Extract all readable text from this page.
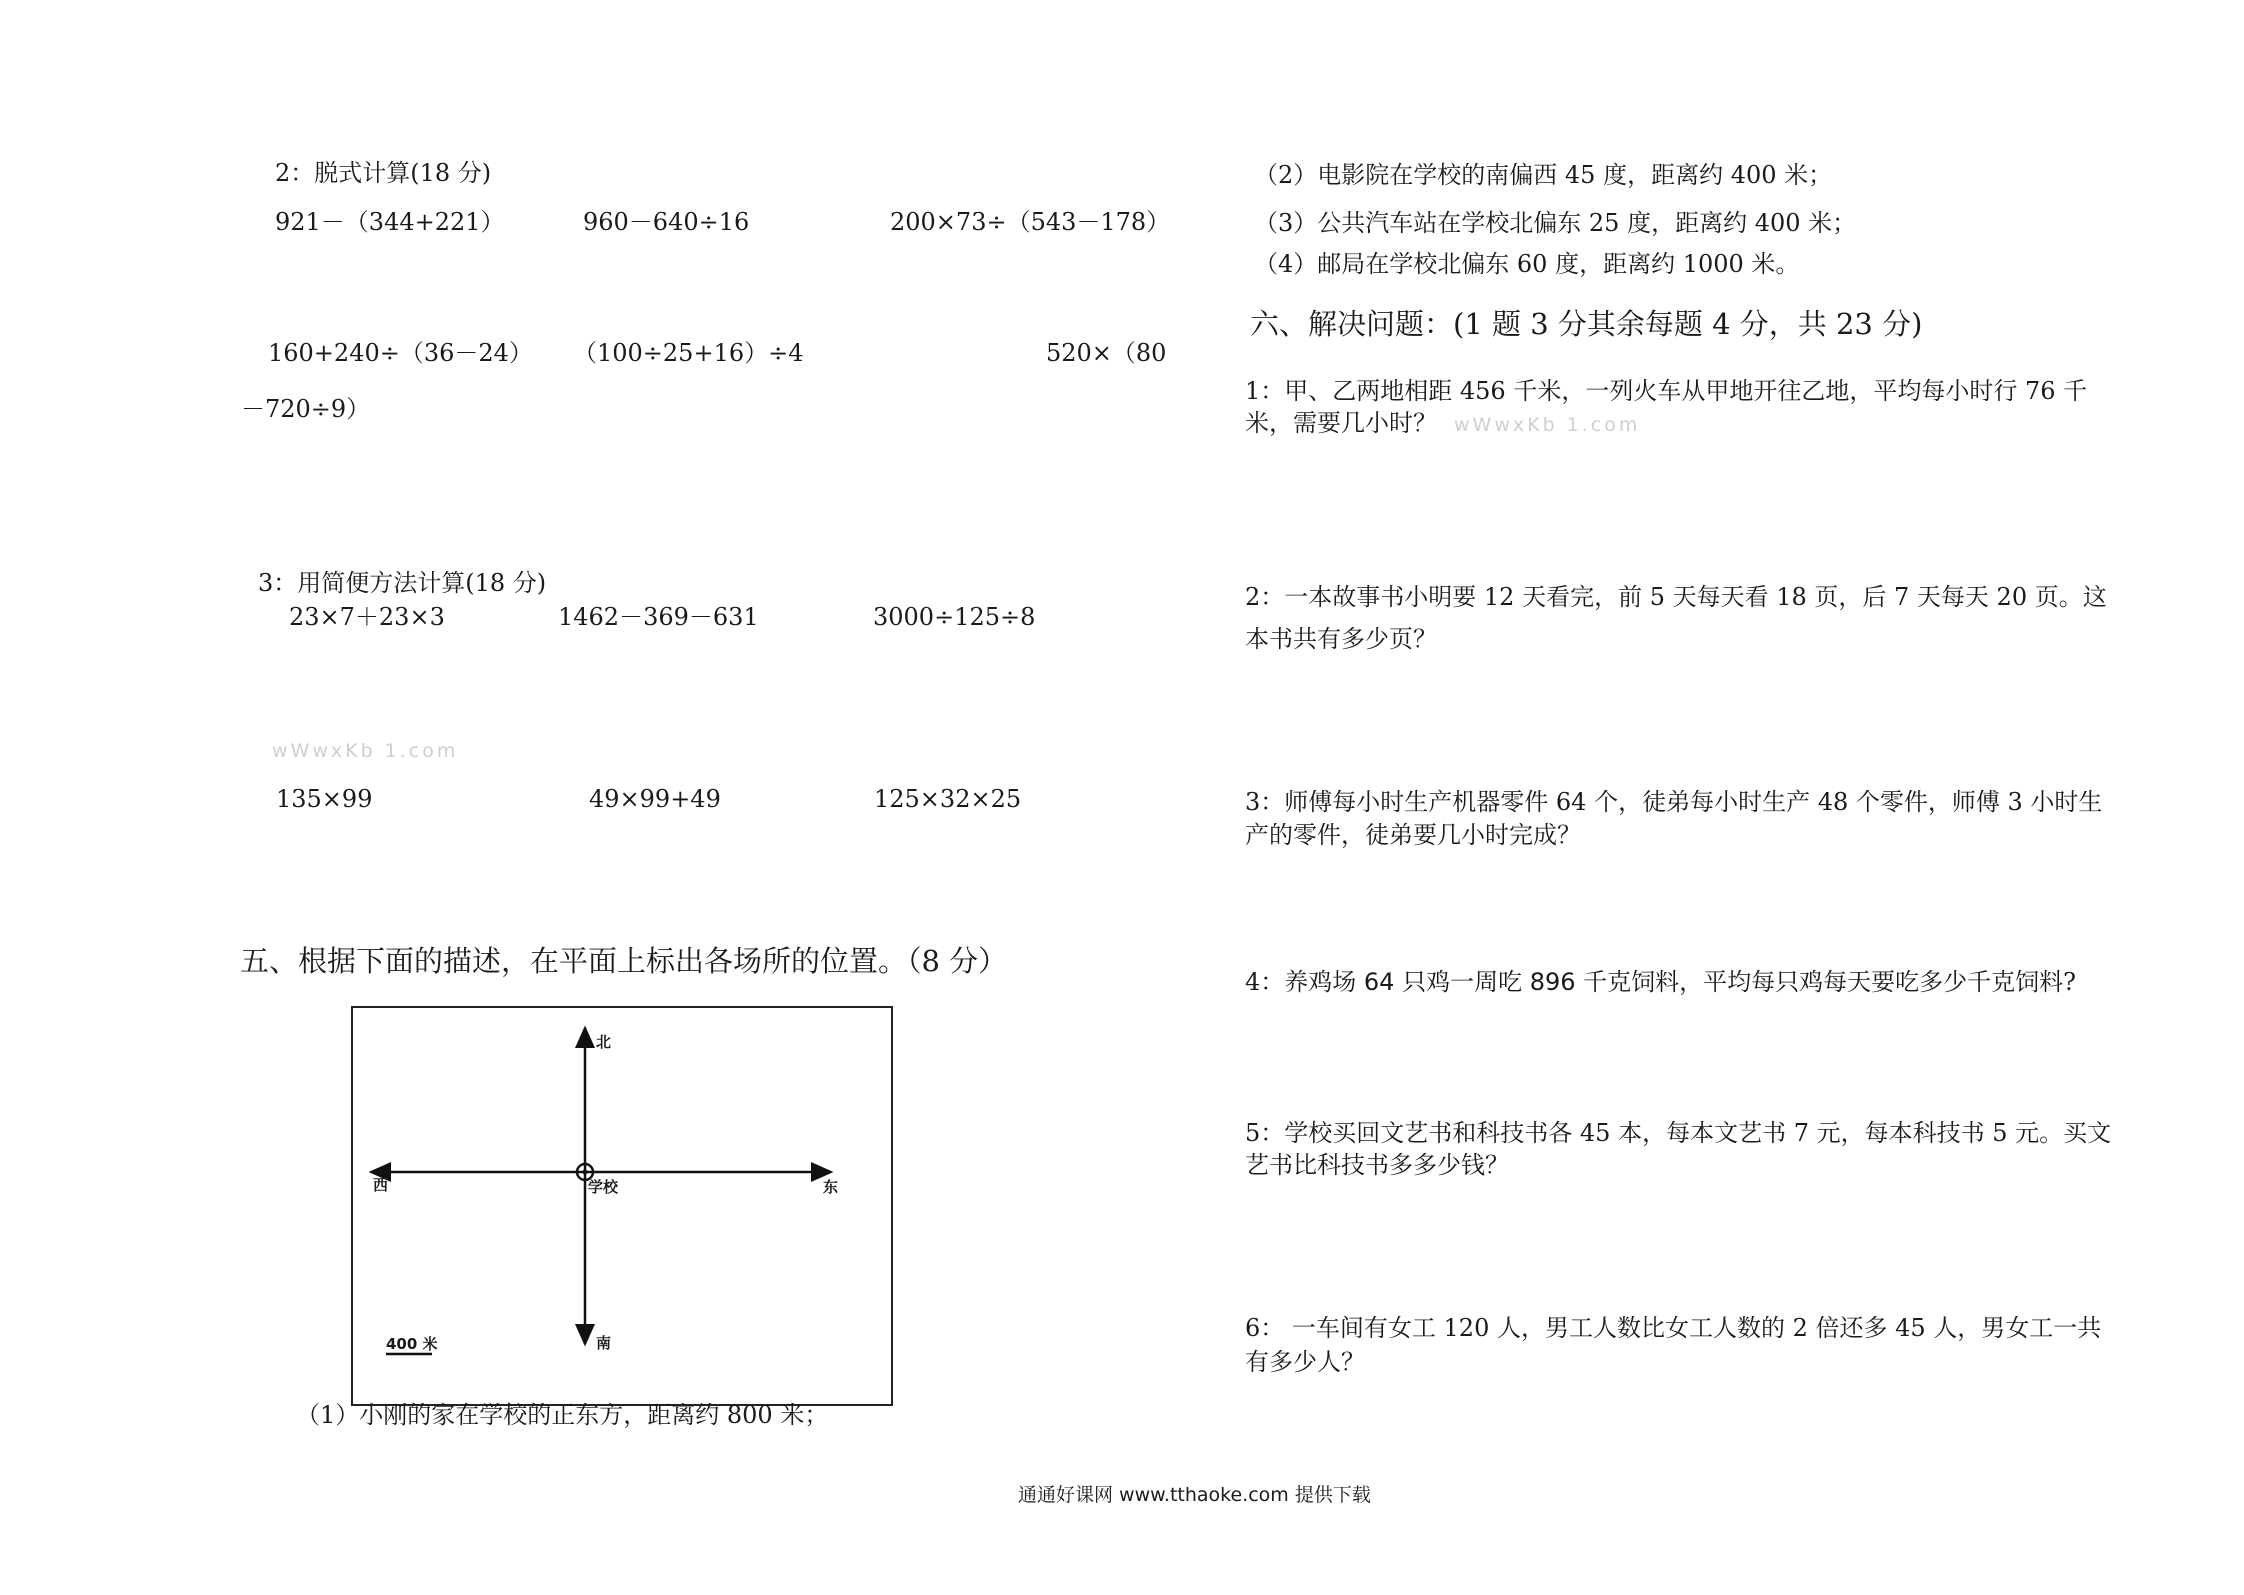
2：脱式计算(18 分)
921－（344+221）	960－640÷16	200×73÷（543－178）
160+240÷（36－24） （100÷25+16）÷4	520×（80
－720÷9）
3：用简便方法计算(18 分)
23×7＋23×3	1462－369－631	3000÷125÷8
wWwxKb 1.com
135×99	49×99+49	125×32×25
五、根据下面的描述，在平面上标出各场所的位置。（8 分）
北
南
东
西	学校
400 米
（1）小刚的家在学校的正东方，距离约 800 米；
（2）电影院在学校的南偏西 45 度，距离约 400 米；
（3）公共汽车站在学校北偏东 25 度，距离约 400 米；
（4）邮局在学校北偏东 60 度，距离约 1000 米。
六、解决问题：(1 题 3 分其余每题 4 分，共 23 分)
1：甲、乙两地相距 456 千米，一列火车从甲地开往乙地，平均每小时行 76 千
米，需要几小时？ wWwxKb 1.com
2：一本故事书小明要 12 天看完，前 5 天每天看 18 页，后 7 天每天 20 页。这
本书共有多少页？
3：师傅每小时生产机器零件 64 个，徒弟每小时生产 48 个零件，师傅 3 小时生
产的零件，徒弟要几小时完成？
4：养鸡场 64 只鸡一周吃 896 千克饲料，平均每只鸡每天要吃多少千克饲料?
5：学校买回文艺书和科技书各 45 本，每本文艺书 7 元，每本科技书 5 元。买文
艺书比科技书多多少钱？
6： 一车间有女工 120 人，男工人数比女工人数的 2 倍还多 45 人，男女工一共
有多少人？
通通好课网 www.tthaoke.com 提供下载
